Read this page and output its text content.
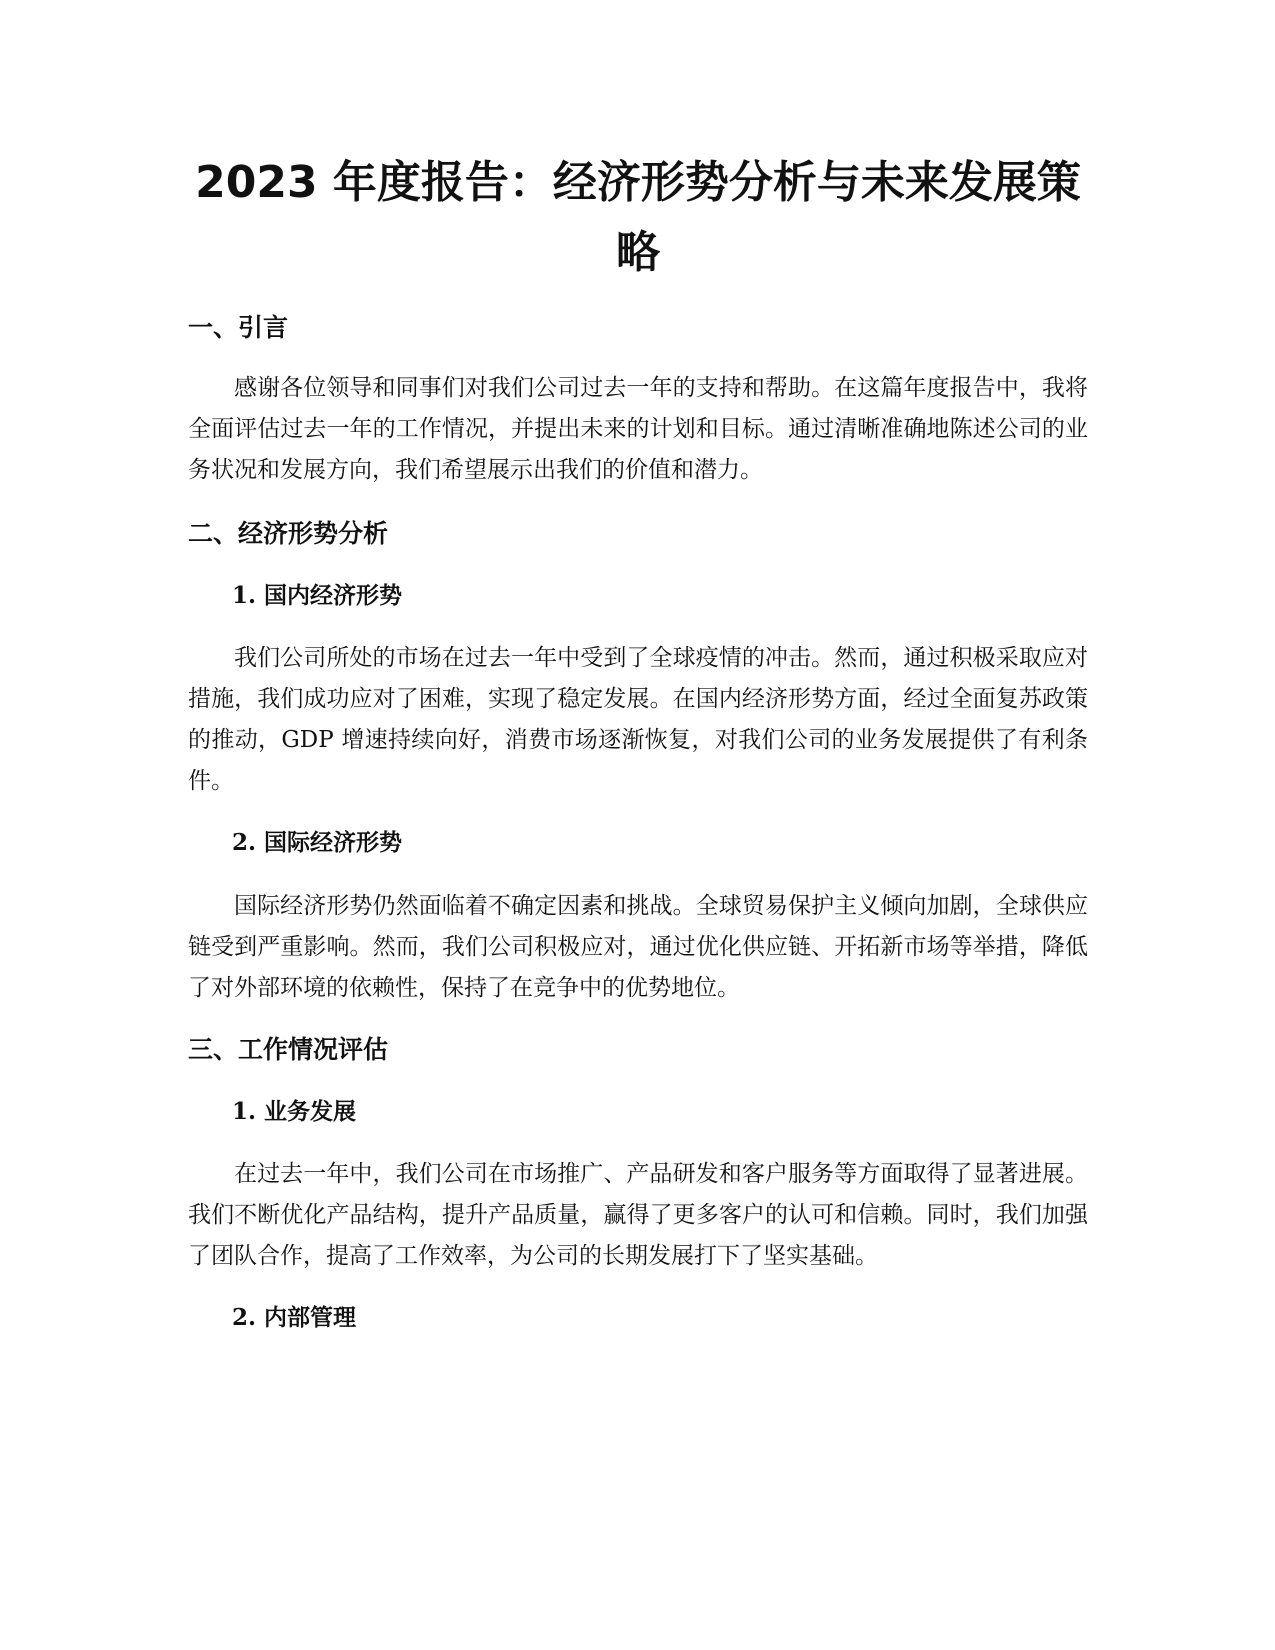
2023 年度报告：经济形势分析与未来发展策略
一、引言

感谢各位领导和同事们对我们公司过去一年的支持和帮助。在这篇年度报告中，我将全面评估过去一年的工作情况，并提出未来的计划和目标。通过清晰准确地陈述公司的业务状况和发展方向，我们希望展示出我们的价值和潜力。

二、经济形势分析
1. 国内经济形势

我们公司所处的市场在过去一年中受到了全球疫情的冲击。然而，通过积极采取应对措施，我们成功应对了困难，实现了稳定发展。在国内经济形势方面，经过全面复苏政策的推动，GDP 增速持续向好，消费市场逐渐恢复，对我们公司的业务发展提供了有利条件。

2. 国际经济形势

国际经济形势仍然面临着不确定因素和挑战。全球贸易保护主义倾向加剧，全球供应链受到严重影响。然而，我们公司积极应对，通过优化供应链、开拓新市场等举措，降低了对外部环境的依赖性，保持了在竞争中的优势地位。

三、工作情况评估
1. 业务发展

在过去一年中，我们公司在市场推广、产品研发和客户服务等方面取得了显著进展。我们不断优化产品结构，提升产品质量，赢得了更多客户的认可和信赖。同时，我们加强了团队合作，提高了工作效率，为公司的长期发展打下了坚实基础。

2. 内部管理
